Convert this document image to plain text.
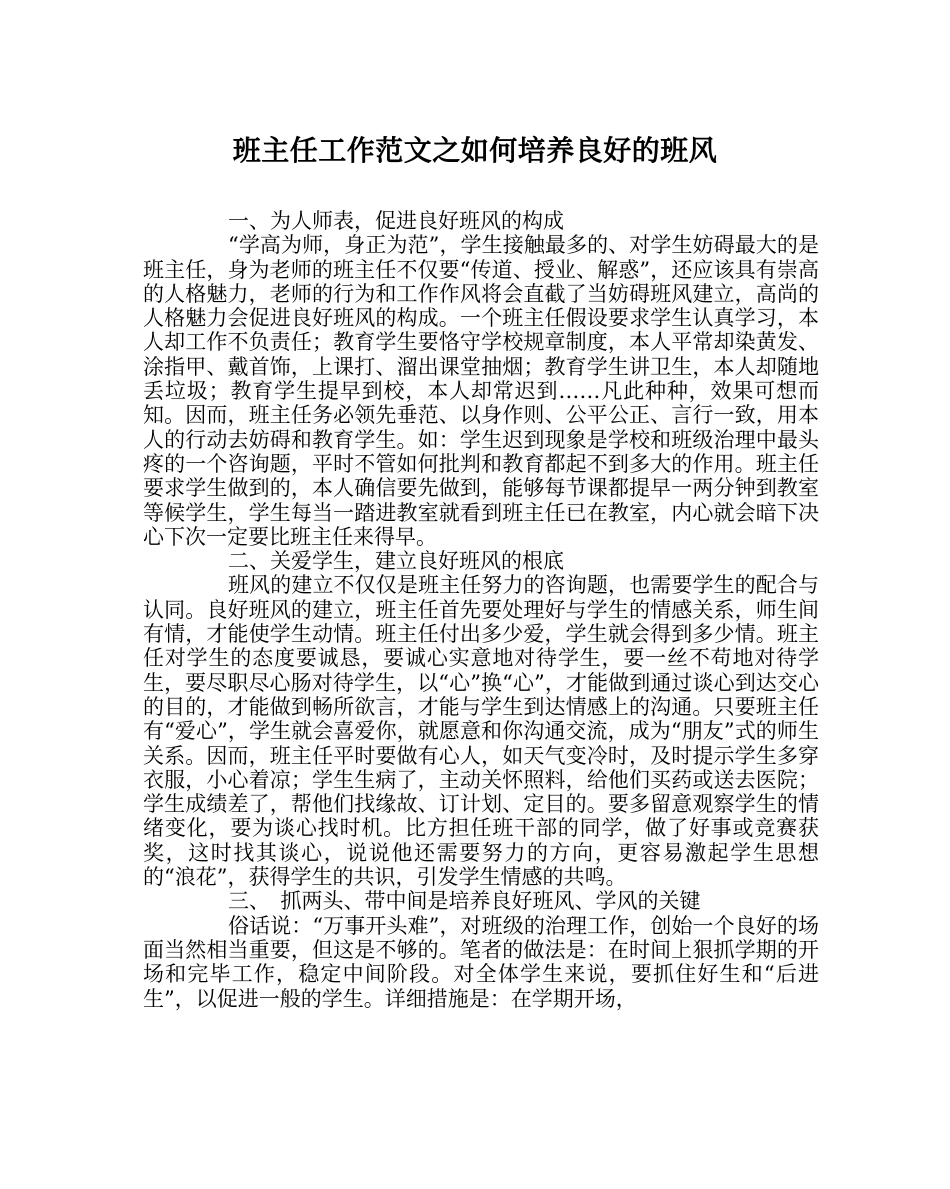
班主任工作范文之如何培养良好的班风

一、为人师表，促进良好班风的构成

“学高为师，身正为范”，学生接触最多的、对学生妨碍最大的是班主任，身为老师的班主任不仅要“传道、授业、解惑”，还应该具有崇高的人格魅力，老师的行为和工作作风将会直截了当妨碍班风建立，高尚的人格魅力会促进良好班风的构成。一个班主任假设要求学生认真学习，本人却工作不负责任；教育学生要恪守学校规章制度，本人平常却染黄发、涂指甲、戴首饰，上课打、溜出课堂抽烟；教育学生讲卫生，本人却随地丢垃圾；教育学生提早到校，本人却常迟到……凡此种种，效果可想而知。因而，班主任务必领先垂范、以身作则、公平公正、言行一致，用本人的行动去妨碍和教育学生。如：学生迟到现象是学校和班级治理中最头疼的一个咨询题，平时不管如何批判和教育都起不到多大的作用。班主任要求学生做到的，本人确信要先做到，能够每节课都提早一两分钟到教室等候学生，学生每当一踏进教室就看到班主任已在教室，内心就会暗下决心下次一定要比班主任来得早。

二、关爱学生，建立良好班风的根底

班风的建立不仅仅是班主任努力的咨询题，也需要学生的配合与认同。良好班风的建立，班主任首先要处理好与学生的情感关系，师生间有情，才能使学生动情。班主任付出多少爱，学生就会得到多少情。班主任对学生的态度要诚恳，要诚心实意地对待学生，要一丝不苟地对待学生，要尽职尽心肠对待学生，以“心”换“心”，才能做到通过谈心到达交心的目的，才能做到畅所欲言，才能与学生到达情感上的沟通。只要班主任有“爱心”，学生就会喜爱你，就愿意和你沟通交流，成为“朋友”式的师生关系。因而，班主任平时要做有心人，如天气变冷时，及时提示学生多穿衣服，小心着凉；学生生病了，主动关怀照料，给他们买药或送去医院；学生成绩差了，帮他们找缘故、订计划、定目的。要多留意观察学生的情绪变化，要为谈心找时机。比方担任班干部的同学，做了好事或竞赛获奖，这时找其谈心，说说他还需要努力的方向，更容易激起学生思想的“浪花”，获得学生的共识，引发学生情感的共鸣。

三、　抓两头、带中间是培养良好班风、学风的关键

俗话说：“万事开头难”，对班级的治理工作，创始一个良好的场面当然相当重要，但这是不够的。笔者的做法是：在时间上狠抓学期的开场和完毕工作，稳定中间阶段。对全体学生来说，要抓住好生和“后进生”，以促进一般的学生。详细措施是：在学期开场，
